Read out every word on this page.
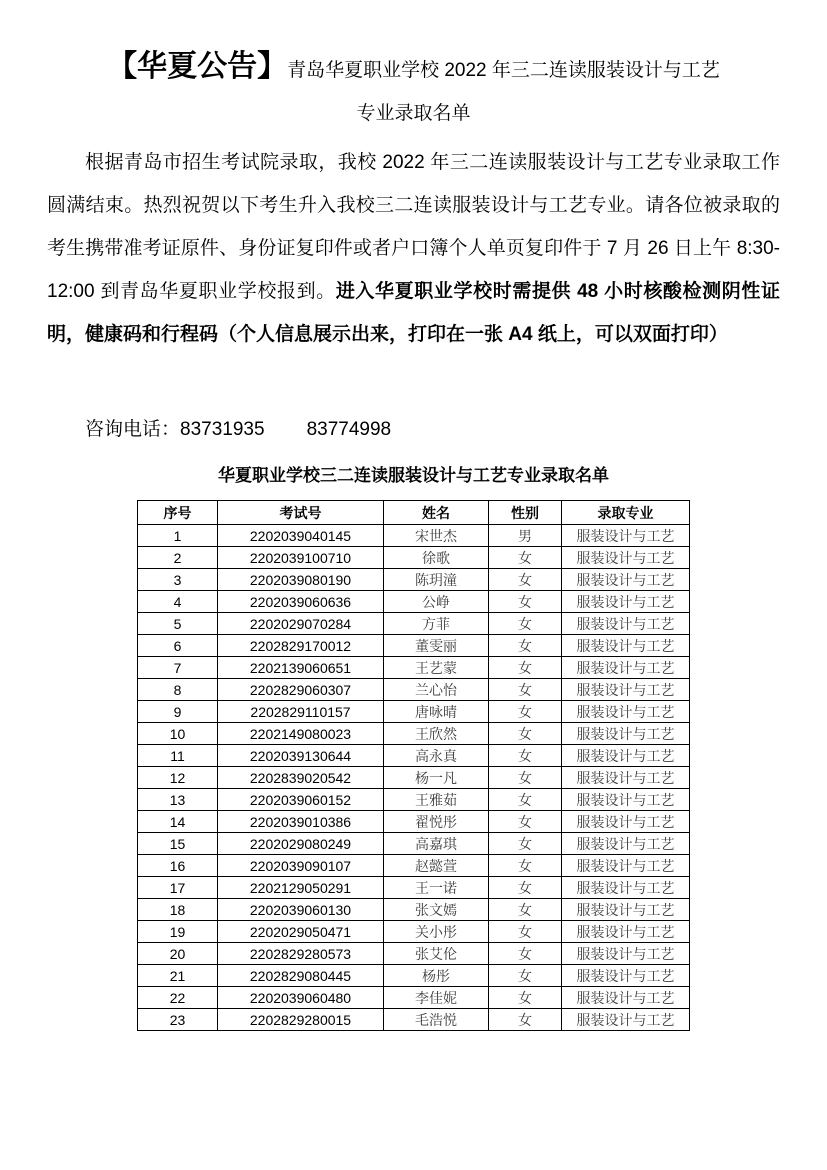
【华夏公告】青岛华夏职业学校 2022 年三二连读服装设计与工艺
专业录取名单

根据青岛市招生考试院录取，我校 2022 年三二连读服装设计与工艺专业录取工作圆满结束。热烈祝贺以下考生升入我校三二连读服装设计与工艺专业。请各位被录取的考生携带准考证原件、身份证复印件或者户口簿个人单页复印件于 7 月 26 日上午 8:30-12:00 到青岛华夏职业学校报到。进入华夏职业学校时需提供 48 小时核酸检测阴性证明，健康码和行程码（个人信息展示出来，打印在一张 A4 纸上，可以双面打印）

咨询电话：83731935 83774998

华夏职业学校三二连读服装设计与工艺专业录取名单
序号	考试号	姓名	性别	录取专业
1	2202039040145	宋世杰	男	服装设计与工艺
2	2202039100710	徐歌	女	服装设计与工艺
3	2202039080190	陈玥潼	女	服装设计与工艺
4	2202039060636	公峥	女	服装设计与工艺
5	2202029070284	方菲	女	服装设计与工艺
6	2202829170012	董雯丽	女	服装设计与工艺
7	2202139060651	王艺蒙	女	服装设计与工艺
8	2202829060307	兰心怡	女	服装设计与工艺
9	2202829110157	唐咏晴	女	服装设计与工艺
10	2202149080023	王欣然	女	服装设计与工艺
11	2202039130644	高永真	女	服装设计与工艺
12	2202839020542	杨一凡	女	服装设计与工艺
13	2202039060152	王雅茹	女	服装设计与工艺
14	2202039010386	翟悦彤	女	服装设计与工艺
15	2202029080249	高嘉琪	女	服装设计与工艺
16	2202039090107	赵懿萱	女	服装设计与工艺
17	2202129050291	王一诺	女	服装设计与工艺
18	2202039060130	张文嫣	女	服装设计与工艺
19	2202029050471	关小彤	女	服装设计与工艺
20	2202829280573	张艾伦	女	服装设计与工艺
21	2202829080445	杨彤	女	服装设计与工艺
22	2202039060480	李佳妮	女	服装设计与工艺
23	2202829280015	毛浩悦	女	服装设计与工艺
